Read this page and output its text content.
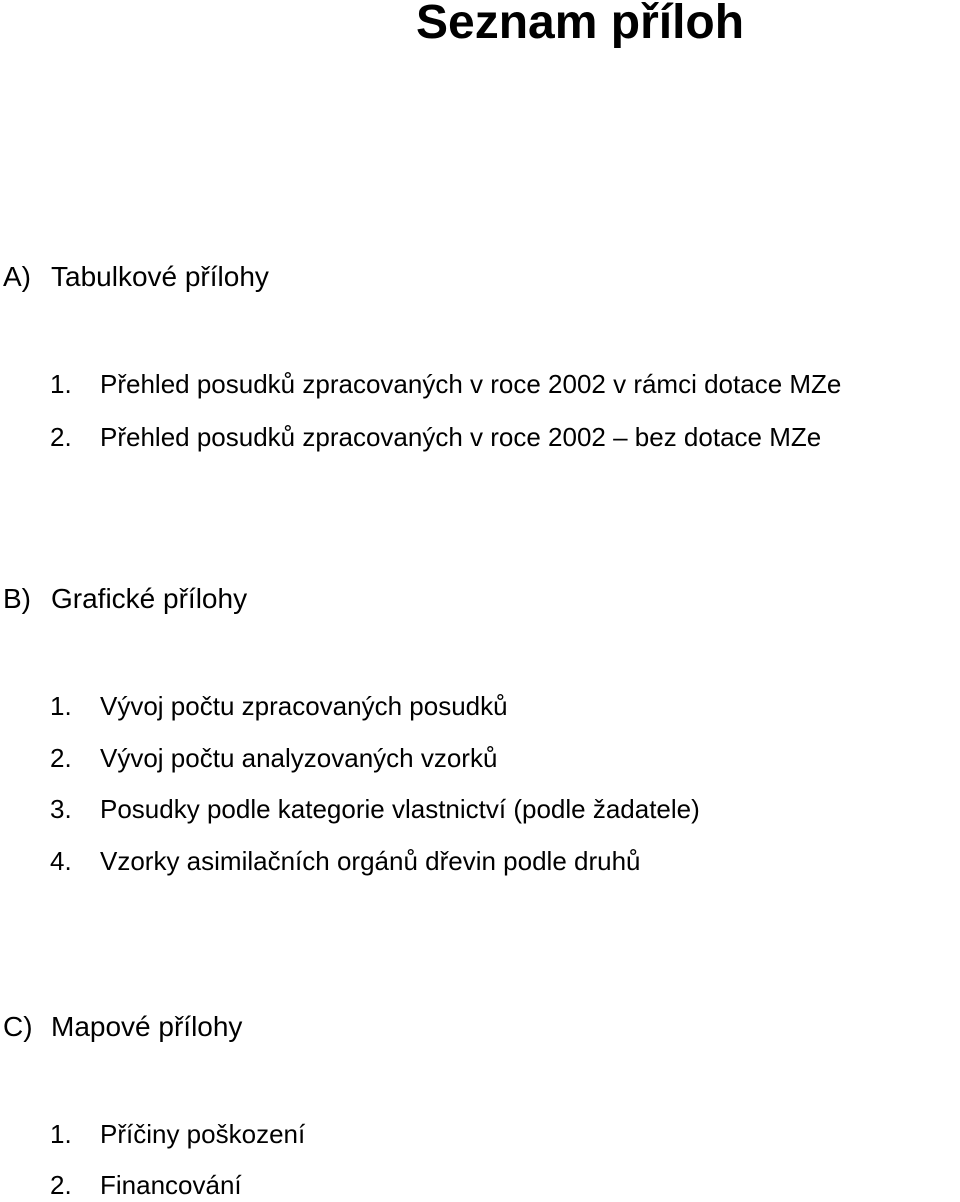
Seznam příloh
A) Tabulkové přílohy
1. Přehled posudků zpracovaných v roce 2002 v rámci dotace MZe
2. Přehled posudků zpracovaných v roce 2002 – bez dotace MZe
B) Grafické přílohy
1. Vývoj počtu zpracovaných posudků
2. Vývoj počtu analyzovaných vzorků
3. Posudky podle kategorie vlastnictví (podle žadatele)
4. Vzorky asimilačních orgánů dřevin podle druhů
C) Mapové přílohy
1. Příčiny poškození
2. Financování
